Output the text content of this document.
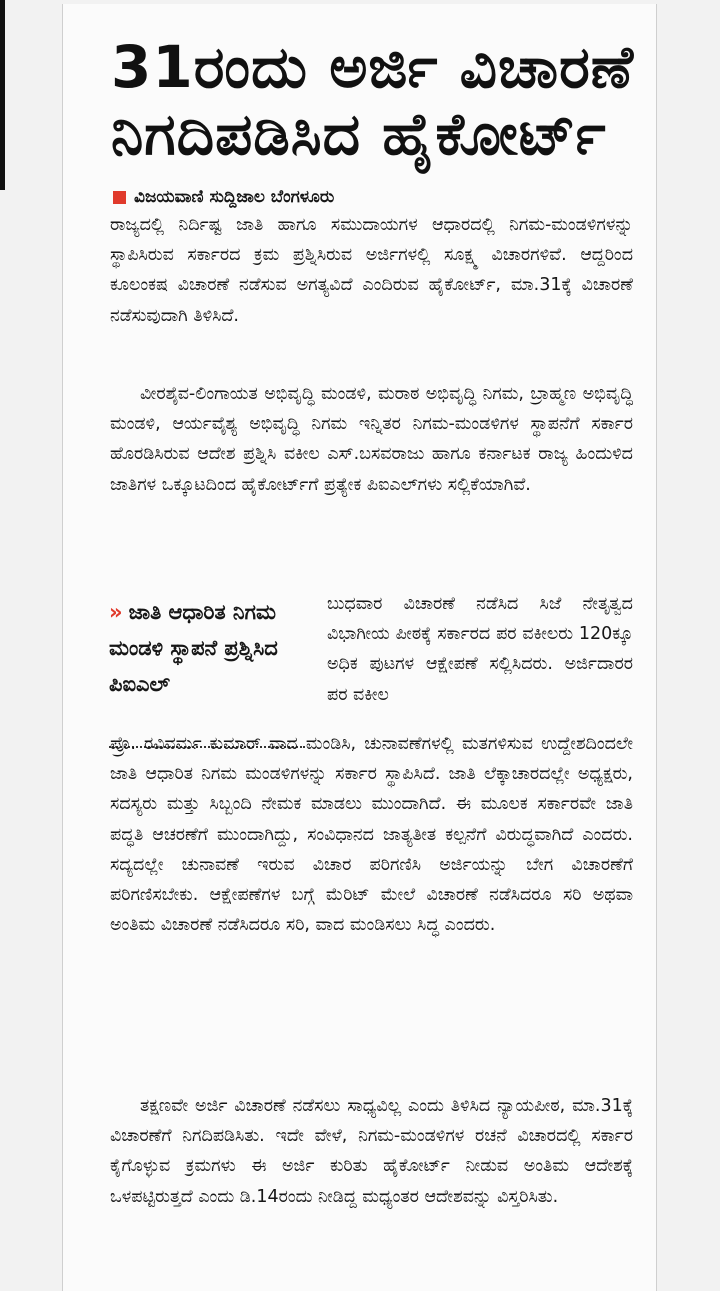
31ರಂದು ಅರ್ಜಿ ವಿಚಾರಣೆ
ನಿಗದಿಪಡಿಸಿದ ಹೈಕೋರ್ಟ್
ವಿಜಯವಾಣಿ ಸುದ್ದಿಜಾಲ ಬೆಂಗಳೂರು

ರಾಜ್ಯದಲ್ಲಿ ನಿರ್ದಿಷ್ಟ ಜಾತಿ ಹಾಗೂ ಸಮುದಾಯಗಳ ಆಧಾರದಲ್ಲಿ ನಿಗಮ-ಮಂಡಳಿಗಳನ್ನು ಸ್ಥಾಪಿಸಿರುವ ಸರ್ಕಾರದ ಕ್ರಮ ಪ್ರಶ್ನಿಸಿರುವ ಅರ್ಜಿಗಳಲ್ಲಿ ಸೂಕ್ಷ್ಮ ವಿಚಾರಗಳಿವೆ. ಆದ್ದರಿಂದ ಕೂಲಂಕಷ ವಿಚಾರಣೆ ನಡೆಸುವ ಅಗತ್ಯವಿದೆ ಎಂದಿರುವ ಹೈಕೋರ್ಟ್, ಮಾ.31ಕ್ಕೆ ವಿಚಾರಣೆ ನಡೆಸುವುದಾಗಿ ತಿಳಿಸಿದೆ.

ವೀರಶೈವ-ಲಿಂಗಾಯತ ಅಭಿವೃದ್ಧಿ ಮಂಡಳಿ, ಮರಾಠ ಅಭಿವೃದ್ಧಿ ನಿಗಮ, ಬ್ರಾಹ್ಮಣ ಅಭಿವೃದ್ಧಿ ಮಂಡಳಿ, ಆರ್ಯವೈಶ್ಯ ಅಭಿವೃದ್ಧಿ ನಿಗಮ ಇನ್ನಿತರ ನಿಗಮ-ಮಂಡಳಿಗಳ ಸ್ಥಾಪನೆಗೆ ಸರ್ಕಾರ ಹೊರಡಿಸಿರುವ ಆದೇಶ ಪ್ರಶ್ನಿಸಿ ವಕೀಲ ಎಸ್.ಬಸವರಾಜು ಹಾಗೂ ಕರ್ನಾಟಕ ರಾಜ್ಯ ಹಿಂದುಳಿದ ಜಾತಿಗಳ ಒಕ್ಕೂಟದಿಂದ ಹೈಕೋರ್ಟ್‌ಗೆ ಪ್ರತ್ಯೇಕ ಪಿಐಎಲ್‌ಗಳು ಸಲ್ಲಿಕೆಯಾಗಿವೆ.

» ಜಾತಿ ಆಧಾರಿತ ನಿಗಮ ಮಂಡಳಿ ಸ್ಥಾಪನೆ ಪ್ರಶ್ನಿಸಿದ ಪಿಐಎಲ್

ಬುಧವಾರ ವಿಚಾರಣೆ ನಡೆಸಿದ ಸಿಜೆ ನೇತೃತ್ವದ ವಿಭಾಗೀಯ ಪೀಠಕ್ಕೆ ಸರ್ಕಾರದ ಪರ ವಕೀಲರು 120ಕ್ಕೂ ಅಧಿಕ ಪುಟಗಳ ಆಕ್ಷೇಪಣೆ ಸಲ್ಲಿಸಿದರು. ಅರ್ಜಿದಾರರ ಪರ ವಕೀಲ

ಪ್ರೊ. ರವಿವರ್ಮ ಕುಮಾರ್ ವಾದ ಮಂಡಿಸಿ, ಚುನಾವಣೆಗಳಲ್ಲಿ ಮತಗಳಿಸುವ ಉದ್ದೇಶದಿಂದಲೇ ಜಾತಿ ಆಧಾರಿತ ನಿಗಮ ಮಂಡಳಿಗಳನ್ನು ಸರ್ಕಾರ ಸ್ಥಾಪಿಸಿದೆ. ಜಾತಿ ಲೆಕ್ಕಾಚಾರದಲ್ಲೇ ಅಧ್ಯಕ್ಷರು, ಸದಸ್ಯರು ಮತ್ತು ಸಿಬ್ಬಂದಿ ನೇಮಕ ಮಾಡಲು ಮುಂದಾಗಿದೆ. ಈ ಮೂಲಕ ಸರ್ಕಾರವೇ ಜಾತಿ ಪದ್ಧತಿ ಆಚರಣೆಗೆ ಮುಂದಾಗಿದ್ದು, ಸಂವಿಧಾನದ ಜಾತ್ಯತೀತ ಕಲ್ಪನೆಗೆ ವಿರುದ್ಧವಾಗಿದೆ ಎಂದರು. ಸದ್ಯದಲ್ಲೇ ಚುನಾವಣೆ ಇರುವ ವಿಚಾರ ಪರಿಗಣಿಸಿ ಅರ್ಜಿಯನ್ನು ಬೇಗ ವಿಚಾರಣೆಗೆ ಪರಿಗಣಿಸಬೇಕು. ಆಕ್ಷೇಪಣೆಗಳ ಬಗ್ಗೆ ಮೆರಿಟ್ ಮೇಲೆ ವಿಚಾರಣೆ ನಡೆಸಿದರೂ ಸರಿ ಅಥವಾ ಅಂತಿಮ ವಿಚಾರಣೆ ನಡೆಸಿದರೂ ಸರಿ, ವಾದ ಮಂಡಿಸಲು ಸಿದ್ಧ ಎಂದರು.

ತಕ್ಷಣವೇ ಅರ್ಜಿ ವಿಚಾರಣೆ ನಡೆಸಲು ಸಾಧ್ಯವಿಲ್ಲ ಎಂದು ತಿಳಿಸಿದ ನ್ಯಾಯಪೀಠ, ಮಾ.31ಕ್ಕೆ ವಿಚಾರಣೆಗೆ ನಿಗದಿಪಡಿಸಿತು. ಇದೇ ವೇಳೆ, ನಿಗಮ-ಮಂಡಳಿಗಳ ರಚನೆ ವಿಚಾರದಲ್ಲಿ ಸರ್ಕಾರ ಕೈಗೊಳ್ಳುವ ಕ್ರಮಗಳು ಈ ಅರ್ಜಿ ಕುರಿತು ಹೈಕೋರ್ಟ್ ನೀಡುವ ಅಂತಿಮ ಆದೇಶಕ್ಕೆ ಒಳಪಟ್ಟಿರುತ್ತದೆ ಎಂದು ಡಿ.14ರಂದು ನೀಡಿದ್ದ ಮಧ್ಯಂತರ ಆದೇಶವನ್ನು ವಿಸ್ತರಿಸಿತು.
